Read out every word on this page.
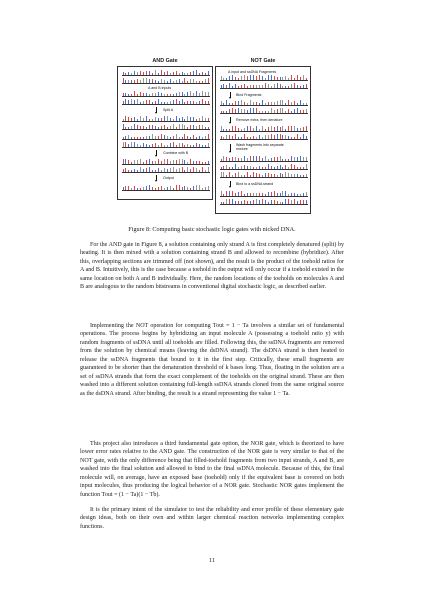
AND Gate	NOT Gate
A and B inputs
Split A
Combine with B
Output
A input and ssDNA Fragments
Bind Fragments
Remove extra, then denature
Wash fragments into separate mixture
Bind to a ssDNA strand
Figure 8: Computing basic stochastic logic gates with nicked DNA.

For the AND gate in Figure 8, a solution containing only strand A is first completely denatured (split) by heating. It is then mixed with a solution containing strand B and allowed to recombine (hybridize). After this, overlapping sections are trimmed off (not shown), and the result is the product of the toehold ratios for A and B. Intuitively, this is the case because a toehold in the output will only occur if a toehold existed in the same location on both A and B individually. Here, the random locations of the toeholds on molecules A and B are analogous to the random bitstreams in conventional digital stochastic logic, as described earlier.

Implementing the NOT operation for computing Tout = 1 − Ta involves a similar set of fundamental operations. The process begins by hybridizing an input molecule A (possessing a toehold ratio y) with random fragments of ssDNA until all toeholds are filled. Following this, the ssDNA fragments are removed from the solution by chemical means (leaving the dsDNA strand). The dsDNA strand is then heated to release the ssDNA fragments that bound to it in the first step. Critically, these small fragments are guaranteed to be shorter than the denaturation threshold of k bases long. Thus, floating in the solution are a set of ssDNA strands that form the exact complement of the toeholds on the original strand. These are then washed into a different solution containing full-length ssDNA strands cloned from the same original source as the dsDNA strand. After binding, the result is a strand representing the value 1 − Ta.

This project also introduces a third fundamental gate option, the NOR gate, which is theorized to have lower error rates relative to the AND gate. The construction of the NOR gate is very similar to that of the NOT gate, with the only difference being that filled-toehold fragments from two input strands, A and B, are washed into the final solution and allowed to bind to the final ssDNA molecule. Because of this, the final molecule will, on average, have an exposed base (toehold) only if the equivalent base is covered on both input molecules, thus producing the logical behavior of a NOR gate. Stochastic NOR gates implement the function Tout = (1 − Ta)(1 − Tb).

It is the primary intent of the simulator to test the reliability and error profile of these elementary gate design ideas, both on their own and within larger chemical reaction networks implementing complex functions.

11
